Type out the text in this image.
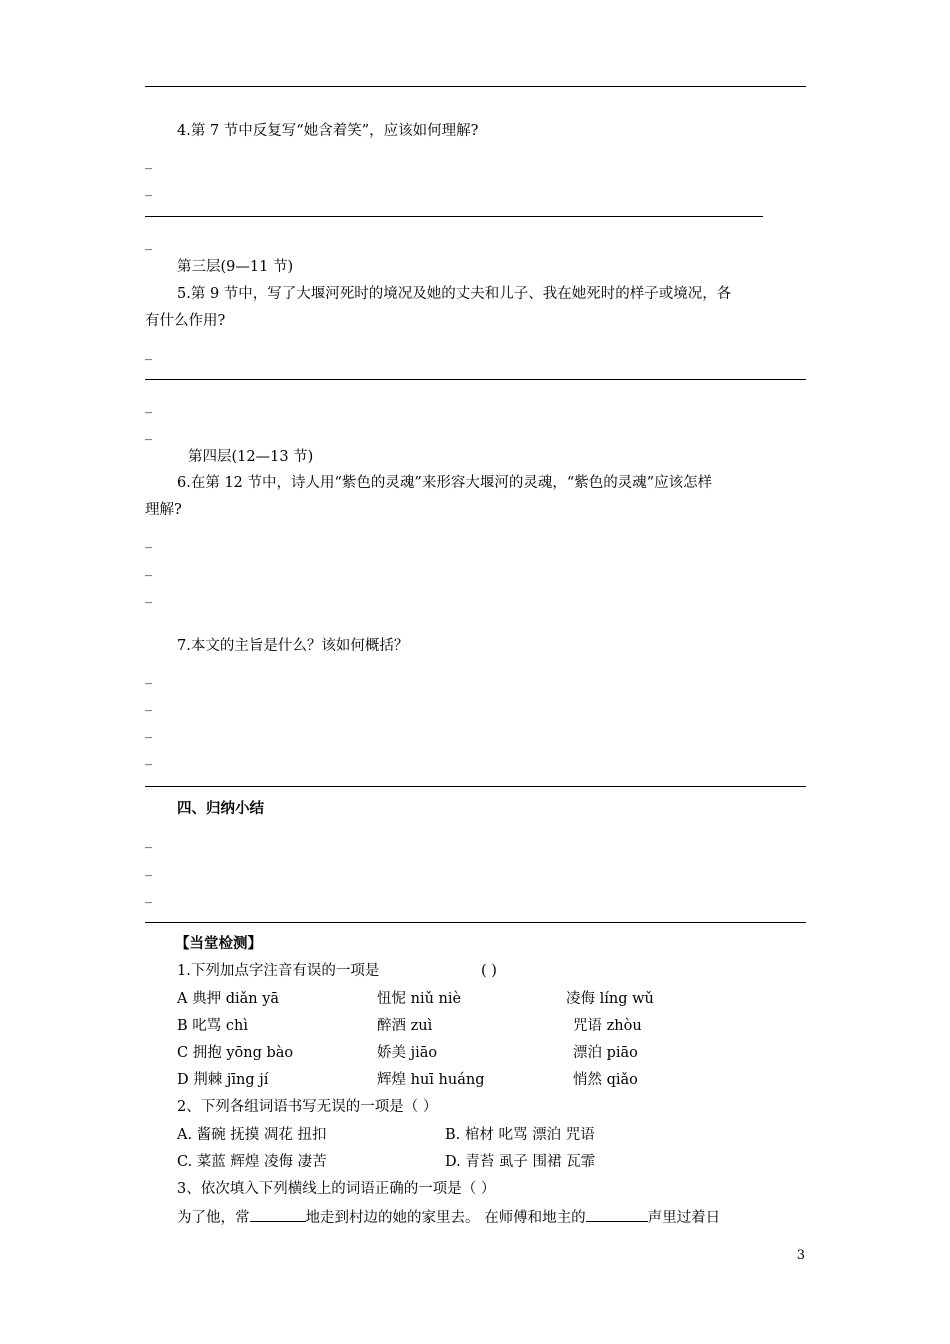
4.第 7 节中反复写“她含着笑”，应该如何理解?
_
_
_
第三层(9—11 节)
5.第 9 节中，写了大堰河死时的境况及她的丈夫和儿子、我在她死时的样子或境况，各
有什么作用?
_
_
_
第四层(12—13 节)
6.在第 12 节中，诗人用“紫色的灵魂”来形容大堰河的灵魂，“紫色的灵魂”应该怎样
理解?
_
_
_
7.本文的主旨是什么？该如何概括？
_
_
_
_
四、归纳小结
_
_
_
【当堂检测】
1.下列加点字注音有误的一项是	( )
A 典押 diǎn yā	忸怩 niǔ niè	凌侮 líng wǔ
B 叱骂 chì	醉酒 zuì	咒语 zhòu
C 拥抱 yōng bào	娇美 jiāo	漂泊 piāo
D 荆棘 jīng jí	辉煌 huī huáng	悄然 qiǎo
2、下列各组词语书写无误的一项是（ ）
A. 酱碗 抚摸 凋花 扭扣	B. 棺材 叱骂 漂泊 咒语
C. 菜蓝 辉煌 凌侮 凄苦	D. 青苔 虱子 围裙 瓦霏
3、依次填入下列横线上的词语正确的一项是（ ）
为了他，常	地走到村边的她的家里去。 在师傅和地主的	声里过着日
3
